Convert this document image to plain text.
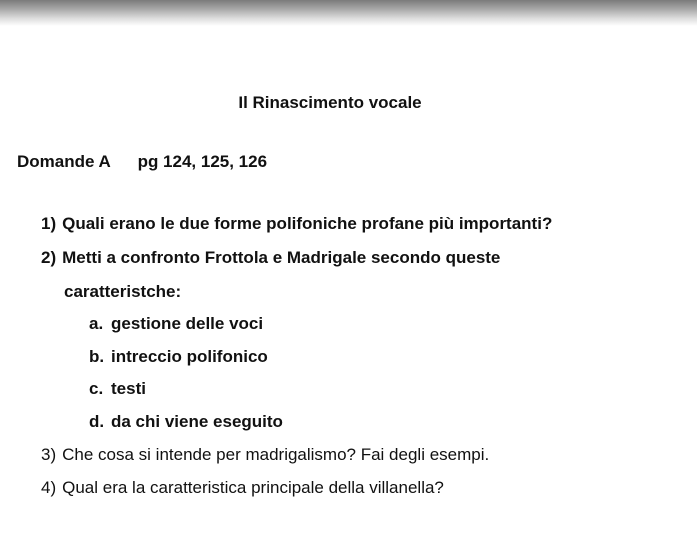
Il Rinascimento vocale
Domande A pg 124, 125, 126
1) Quali erano le due forme polifoniche profane più importanti?
2) Metti a confronto Frottola e Madrigale secondo queste
caratteristche:
a. gestione delle voci
b. intreccio polifonico
c. testi
d. da chi viene eseguito
3) Che cosa si intende per madrigalismo? Fai degli esempi.
4) Qual era la caratteristica principale della villanella?
